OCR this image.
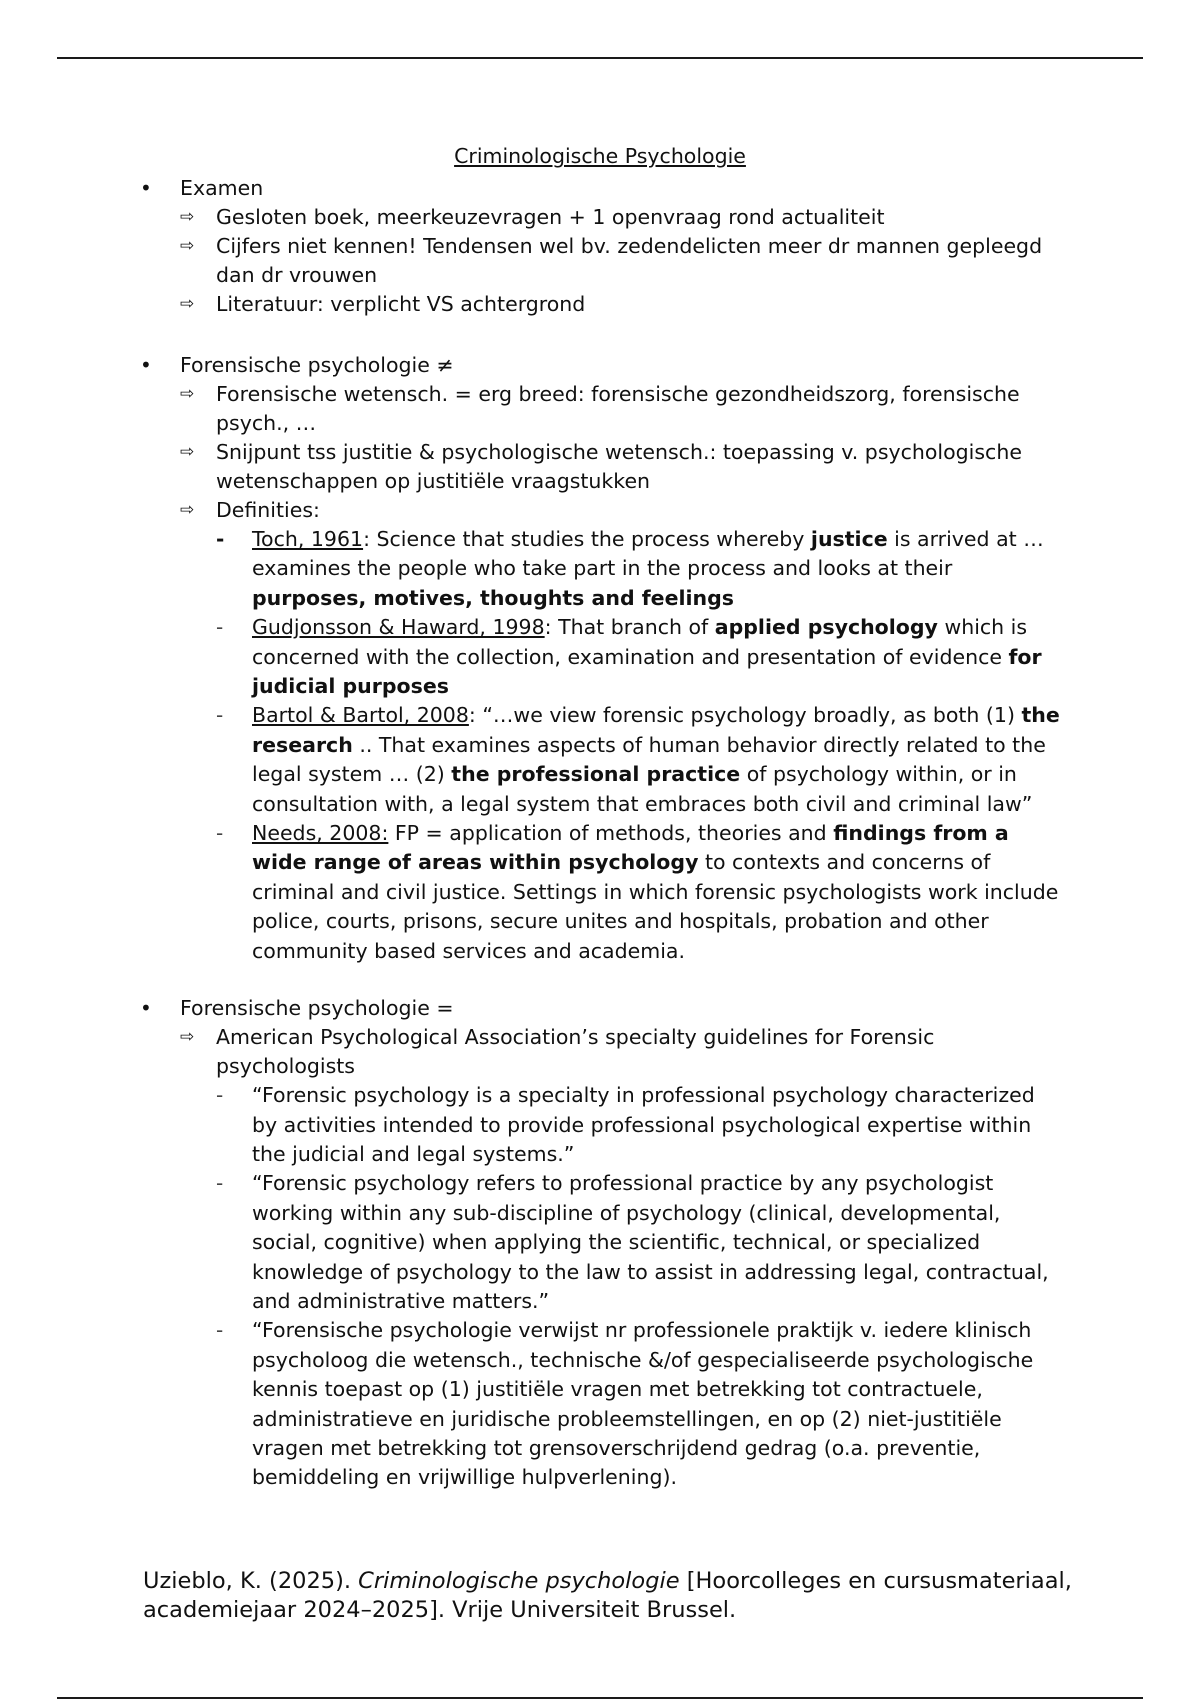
Criminologische Psychologie
• Examen
⇨ Gesloten boek, meerkeuzevragen + 1 openvraag rond actualiteit
⇨ Cijfers niet kennen! Tendensen wel bv. zedendelicten meer dr mannen gepleegd dan dr vrouwen
⇨ Literatuur: verplicht VS achtergrond
• Forensische psychologie ≠
⇨ Forensische wetensch. = erg breed: forensische gezondheidszorg, forensische psych., …
⇨ Snijpunt tss justitie & psychologische wetensch.: toepassing v. psychologische wetenschappen op justitiële vraagstukken
⇨ Definities:
- Toch, 1961: Science that studies the process whereby justice is arrived at … examines the people who take part in the process and looks at their purposes, motives, thoughts and feelings
- Gudjonsson & Haward, 1998: That branch of applied psychology which is concerned with the collection, examination and presentation of evidence for judicial purposes
- Bartol & Bartol, 2008: “…we view forensic psychology broadly, as both (1) the research .. That examines aspects of human behavior directly related to the legal system … (2) the professional practice of psychology within, or in consultation with, a legal system that embraces both civil and criminal law”
- Needs, 2008: FP = application of methods, theories and findings from a wide range of areas within psychology to contexts and concerns of criminal and civil justice. Settings in which forensic psychologists work include police, courts, prisons, secure unites and hospitals, probation and other community based services and academia.
• Forensische psychologie =
⇨ American Psychological Association’s specialty guidelines for Forensic psychologists
- “Forensic psychology is a specialty in professional psychology characterized by activities intended to provide professional psychological expertise within the judicial and legal systems.”
- “Forensic psychology refers to professional practice by any psychologist working within any sub-discipline of psychology (clinical, developmental, social, cognitive) when applying the scientific, technical, or specialized knowledge of psychology to the law to assist in addressing legal, contractual, and administrative matters.”
- “Forensische psychologie verwijst nr professionele praktijk v. iedere klinisch psycholoog die wetensch., technische &/of gespecialiseerde psychologische kennis toepast op (1) justitiële vragen met betrekking tot contractuele, administratieve en juridische probleemstellingen, en op (2) niet-justitiële vragen met betrekking tot grensoverschrijdend gedrag (o.a. preventie, bemiddeling en vrijwillige hulpverlening).
Uzieblo, K. (2025). Criminologische psychologie [Hoorcolleges en cursusmateriaal, academiejaar 2024–2025]. Vrije Universiteit Brussel.
